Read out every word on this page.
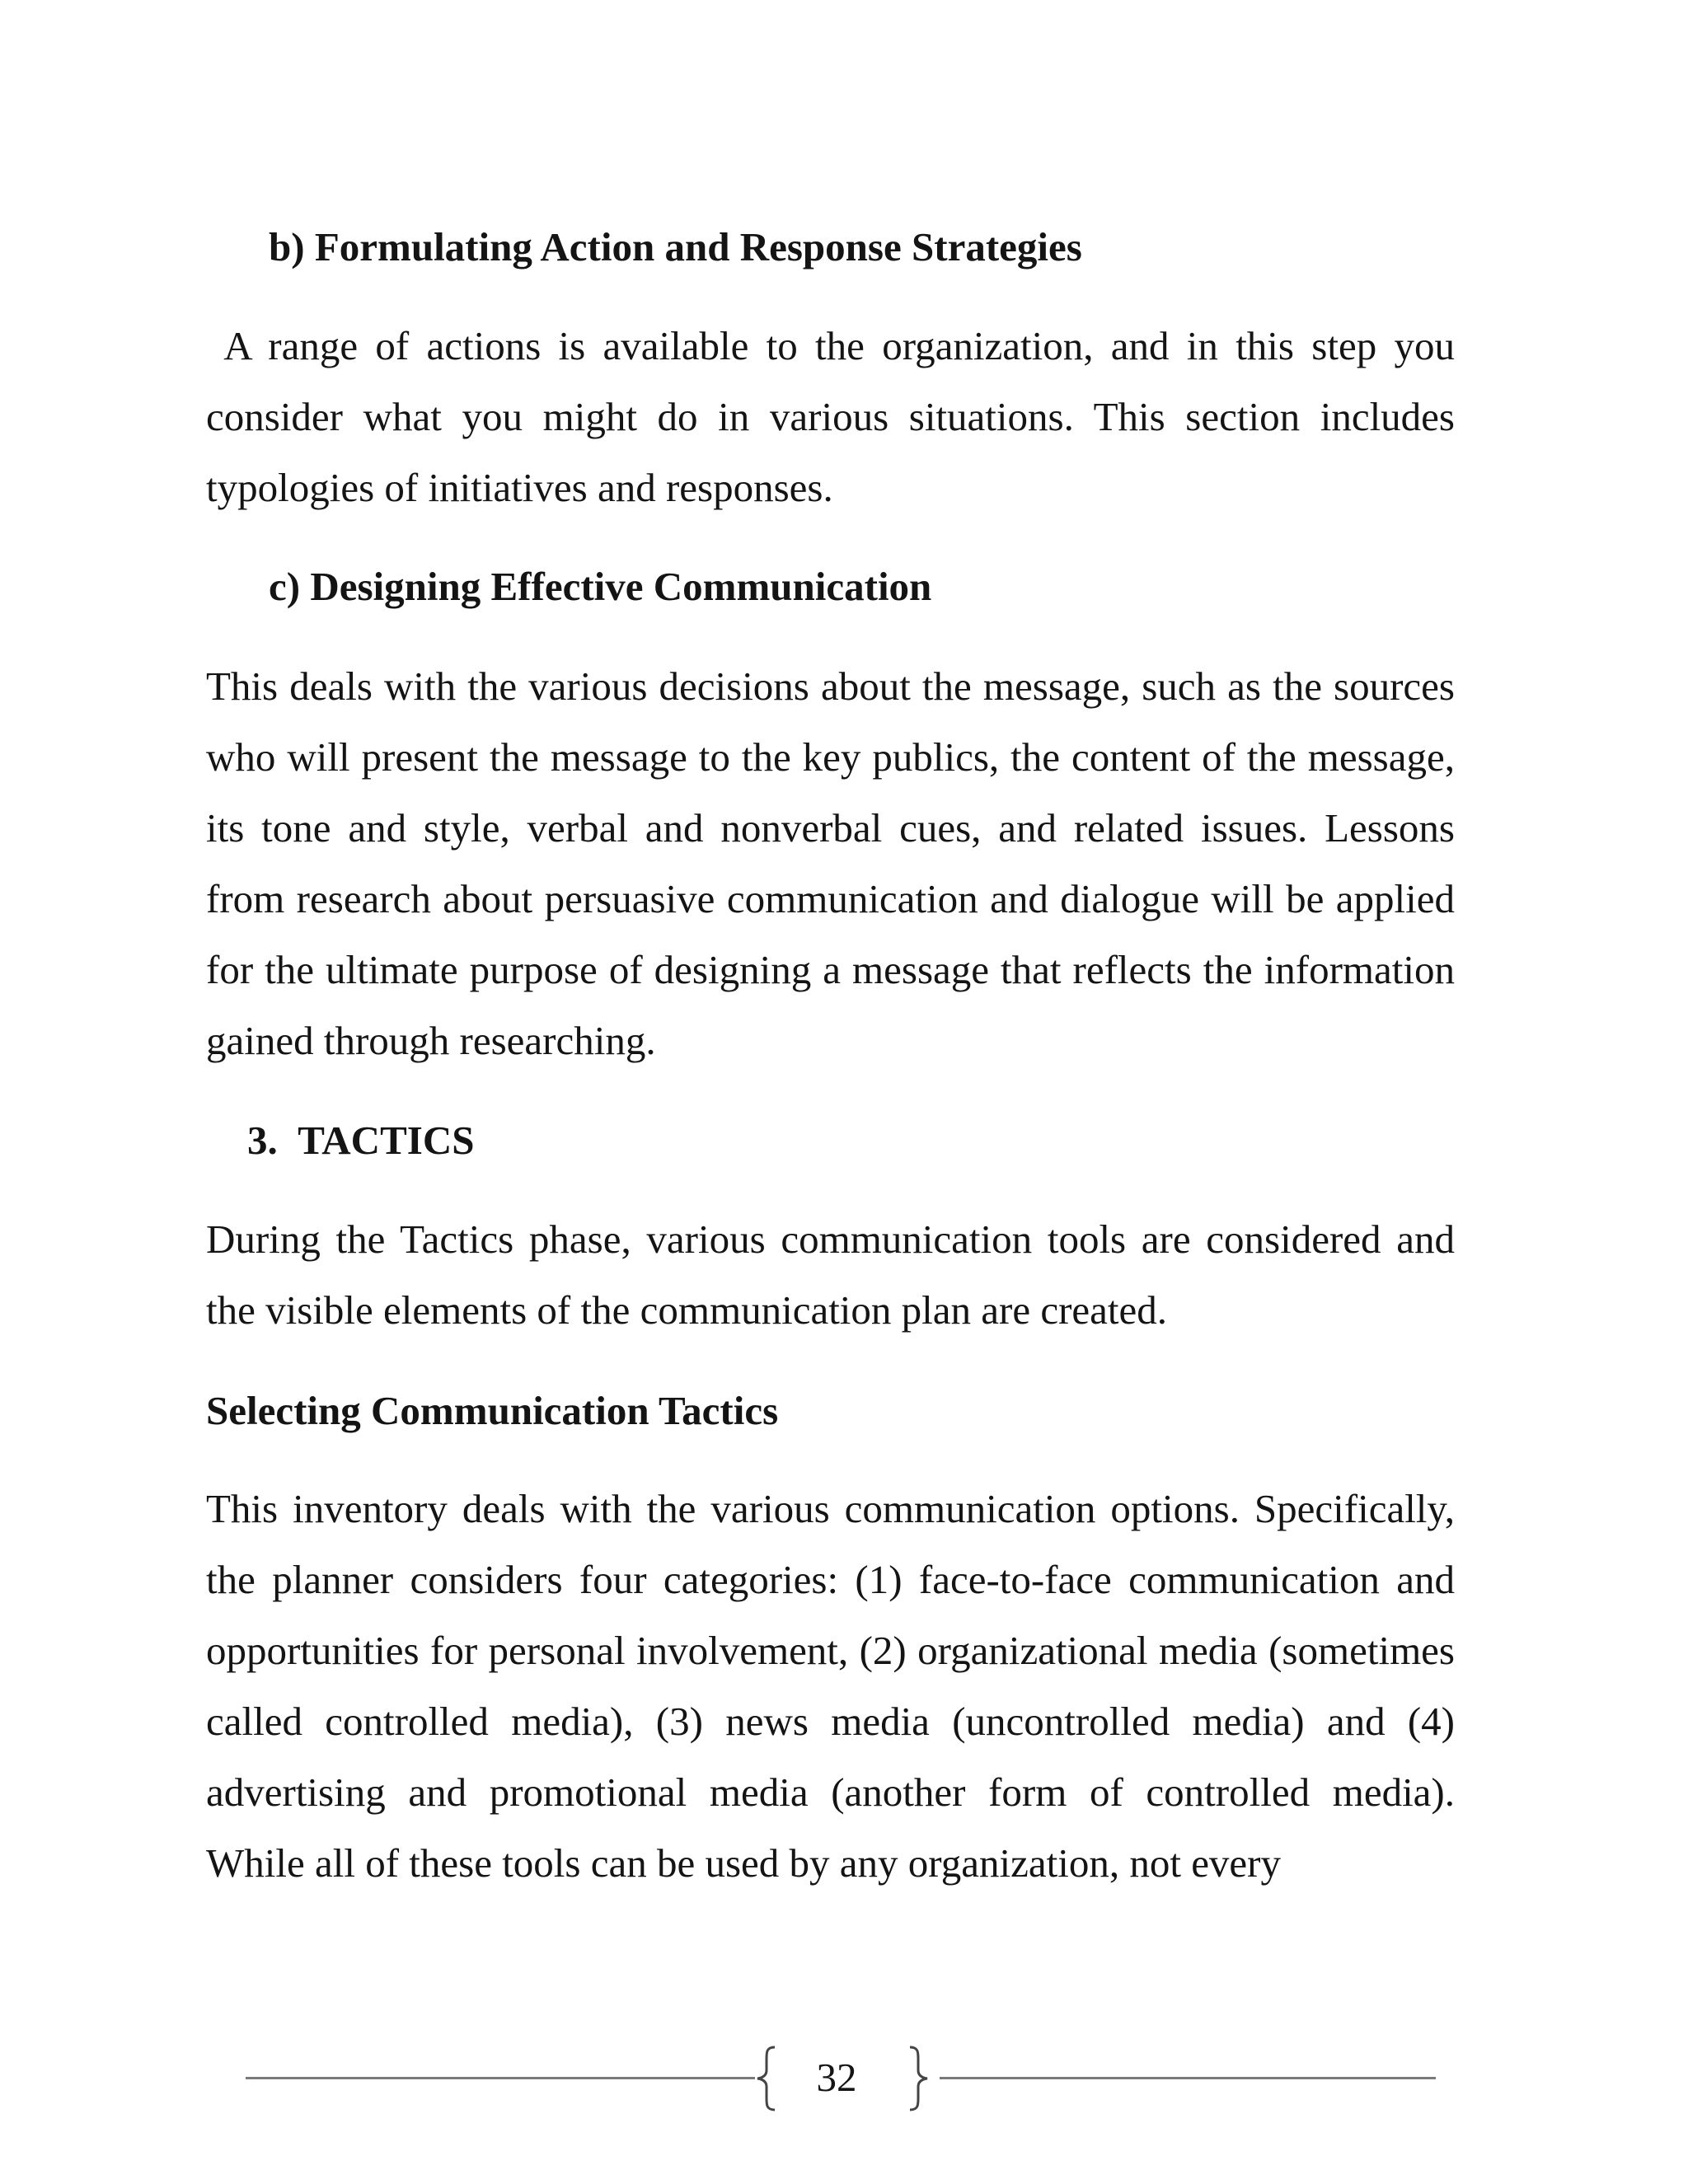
b) Formulating Action and Response Strategies

A range of actions is available to the organization, and in this step you consider what you might do in various situations. This section includes typologies of initiatives and responses.

c) Designing Effective Communication

This deals with the various decisions about the message, such as the sources who will present the message to the key publics, the content of the message, its tone and style, verbal and nonverbal cues, and related issues. Lessons from research about persuasive communication and dialogue will be applied for the ultimate purpose of designing a message that reflects the information gained through researching.

3.  TACTICS

During the Tactics phase, various communication tools are considered and the visible elements of the communication plan are created.

Selecting Communication Tactics

This inventory deals with the various communication options. Specifically, the planner considers four categories: (1) face-to-face communication and opportunities for personal involvement, (2) organizational media (sometimes called controlled media), (3) news media (uncontrolled media) and (4) advertising and promotional media (another form of controlled media). While all of these tools can be used by any organization, not every

32
